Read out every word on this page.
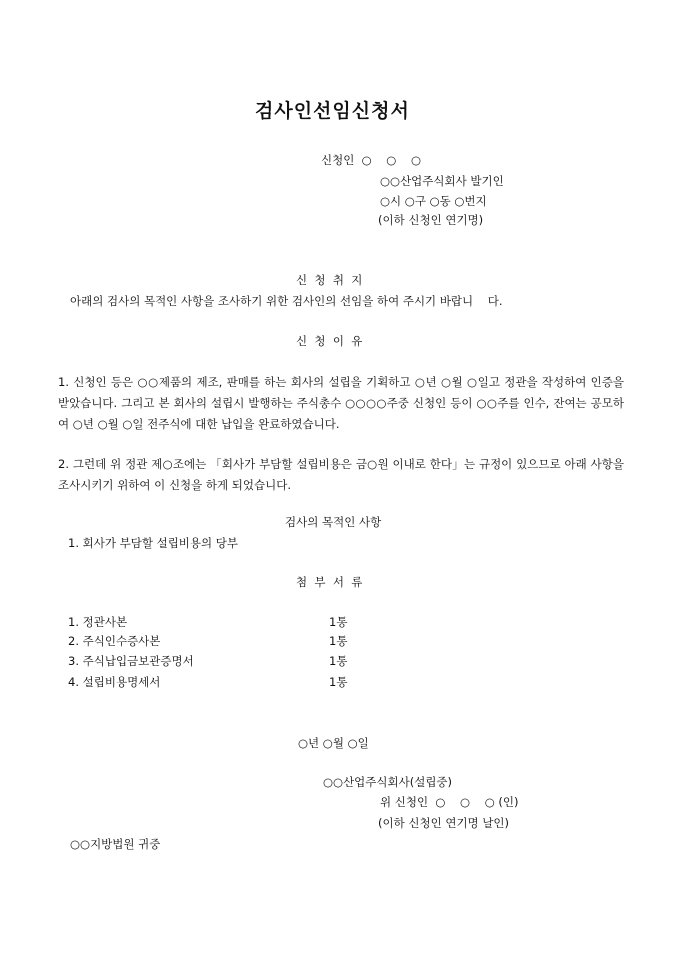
검사인선임신청서
신청인  ○    ○    ○
○○산업주식회사 발기인
○시 ○구 ○동 ○번지
(이하 신청인 연기명)
신  청  취  지
아래의 검사의 목적인 사항을 조사하기 위한 검사인의 선임을 하여 주시기 바랍니    다.
신  청  이  유
1. 신청인 등은 ○○제품의 제조, 판매를 하는 회사의 설립을 기획하고 ○년 ○월 ○일고 정관을 작성하여 인증을 받았습니다. 그리고 본 회사의 설립시 발행하는 주식총수 ○○○○주중 신청인 등이 ○○주를 인수, 잔여는 공모하여 ○년 ○월 ○일 전주식에 대한 납입을 완료하였습니다.
2. 그런데 위 정관 제○조에는 「회사가 부담할 설립비용은 금○원 이내로 한다」는 규정이 있으므로 아래 사항을 조사시키기 위하여 이 신청을 하게 되었습니다.
검사의 목적인 사항
1. 회사가 부담할 설립비용의 당부
첨  부  서  류
1. 정관사본	1통
2. 주식인수증사본	1통
3. 주식납입금보관증명서	1통
4. 설립비용명세서	1통
○년 ○월 ○일
○○산업주식회사(설립중)
위 신청인  ○    ○    ○ (인)
(이하 신청인 연기명 날인)
○○지방법원 귀중
